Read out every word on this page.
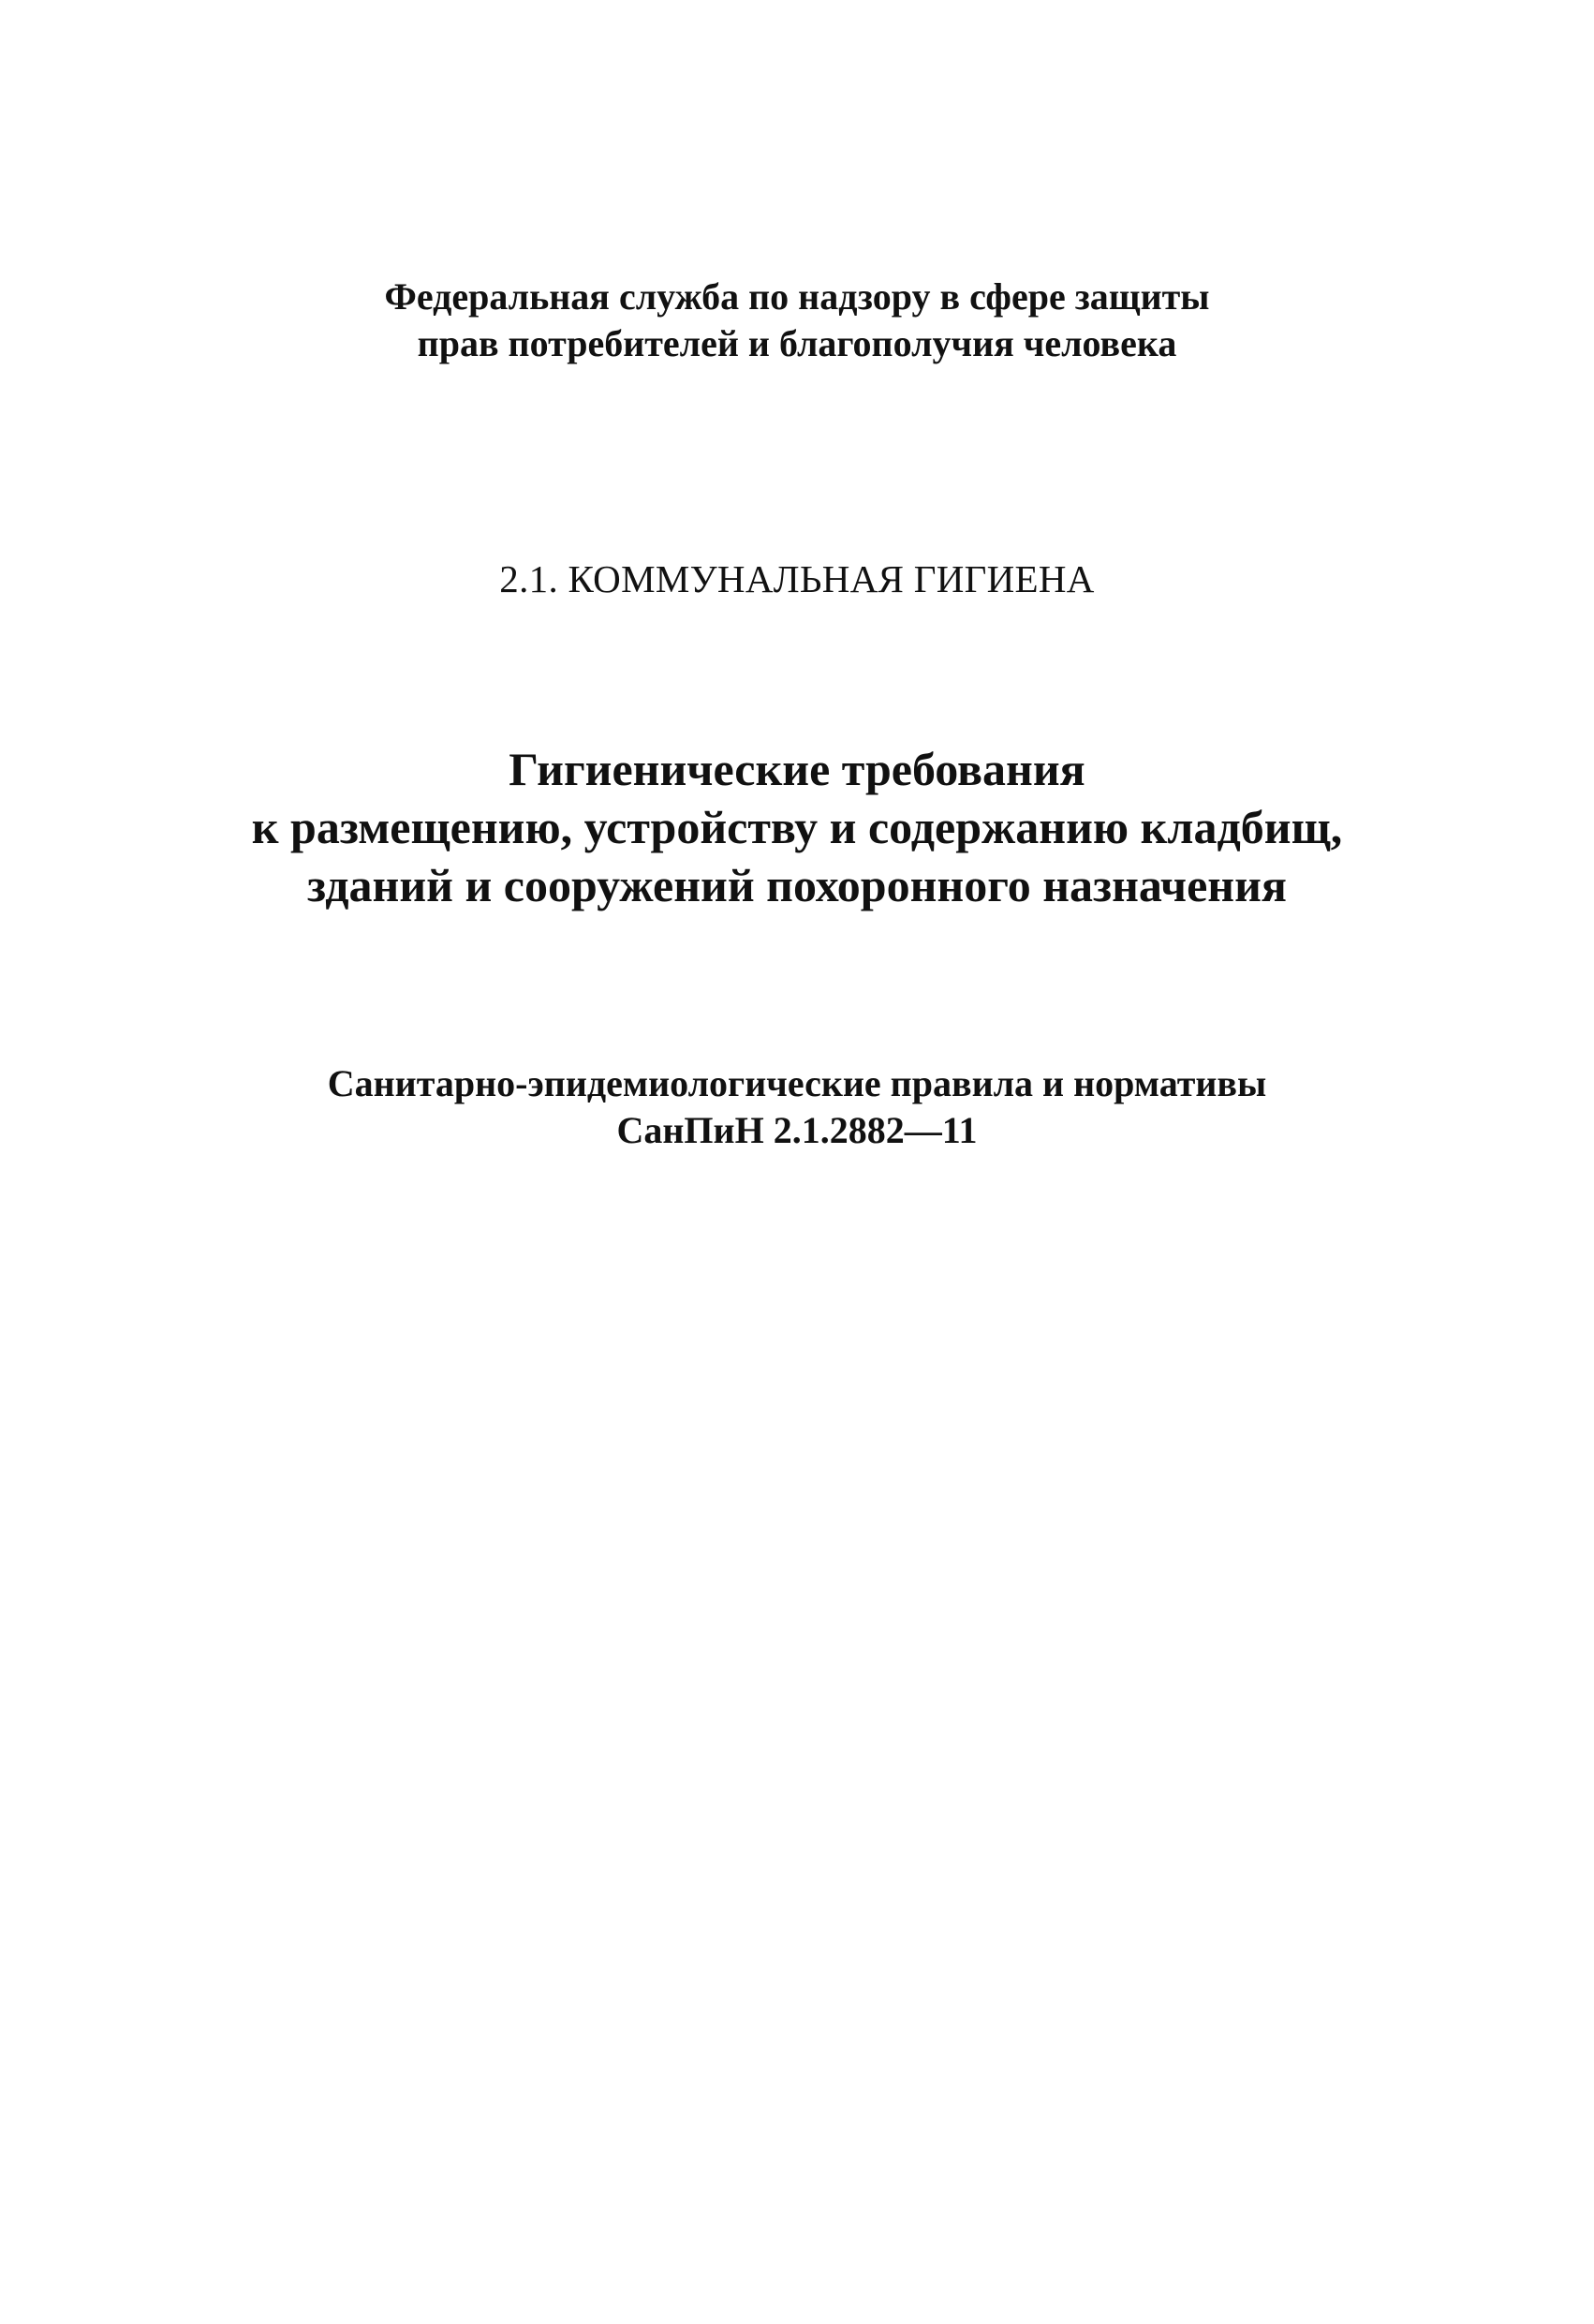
Федеральная служба по надзору в сфере защиты
прав потребителей и благополучия человека
2.1. КОММУНАЛЬНАЯ ГИГИЕНА
Гигиенические требования
к размещению, устройству и содержанию кладбищ,
зданий и сооружений похоронного назначения
Санитарно-эпидемиологические правила и нормативы
СанПиН 2.1.2882—11
